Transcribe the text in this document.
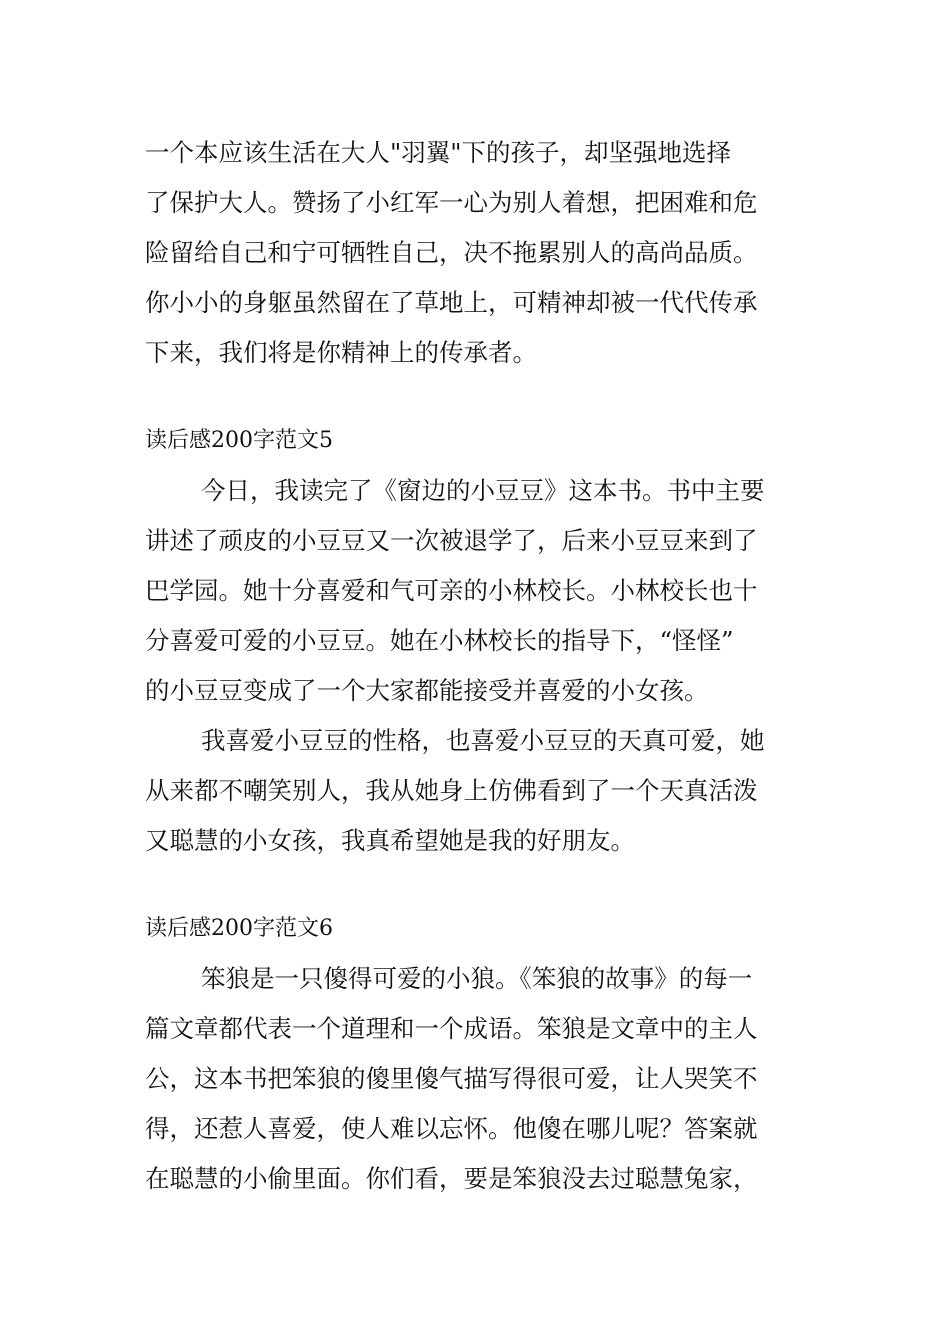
一个本应该生活在大人"羽翼"下的孩子，却坚强地选择
了保护大人。赞扬了小红军一心为别人着想，把困难和危
险留给自己和宁可牺牲自己，决不拖累别人的高尚品质。
你小小的身躯虽然留在了草地上，可精神却被一代代传承
下来，我们将是你精神上的传承者。
读后感200字范文5
今日，我读完了《窗边的小豆豆》这本书。书中主要
讲述了顽皮的小豆豆又一次被退学了，后来小豆豆来到了
巴学园。她十分喜爱和气可亲的小林校长。小林校长也十
分喜爱可爱的小豆豆。她在小林校长的指导下，“怪怪”
的小豆豆变成了一个大家都能接受并喜爱的小女孩。
我喜爱小豆豆的性格，也喜爱小豆豆的天真可爱，她
从来都不嘲笑别人，我从她身上仿佛看到了一个天真活泼
又聪慧的小女孩，我真希望她是我的好朋友。
读后感200字范文6
笨狼是一只傻得可爱的小狼。《笨狼的故事》的每一
篇文章都代表一个道理和一个成语。笨狼是文章中的主人
公，这本书把笨狼的傻里傻气描写得很可爱，让人哭笑不
得，还惹人喜爱，使人难以忘怀。他傻在哪儿呢？答案就
在聪慧的小偷里面。你们看，要是笨狼没去过聪慧兔家，
